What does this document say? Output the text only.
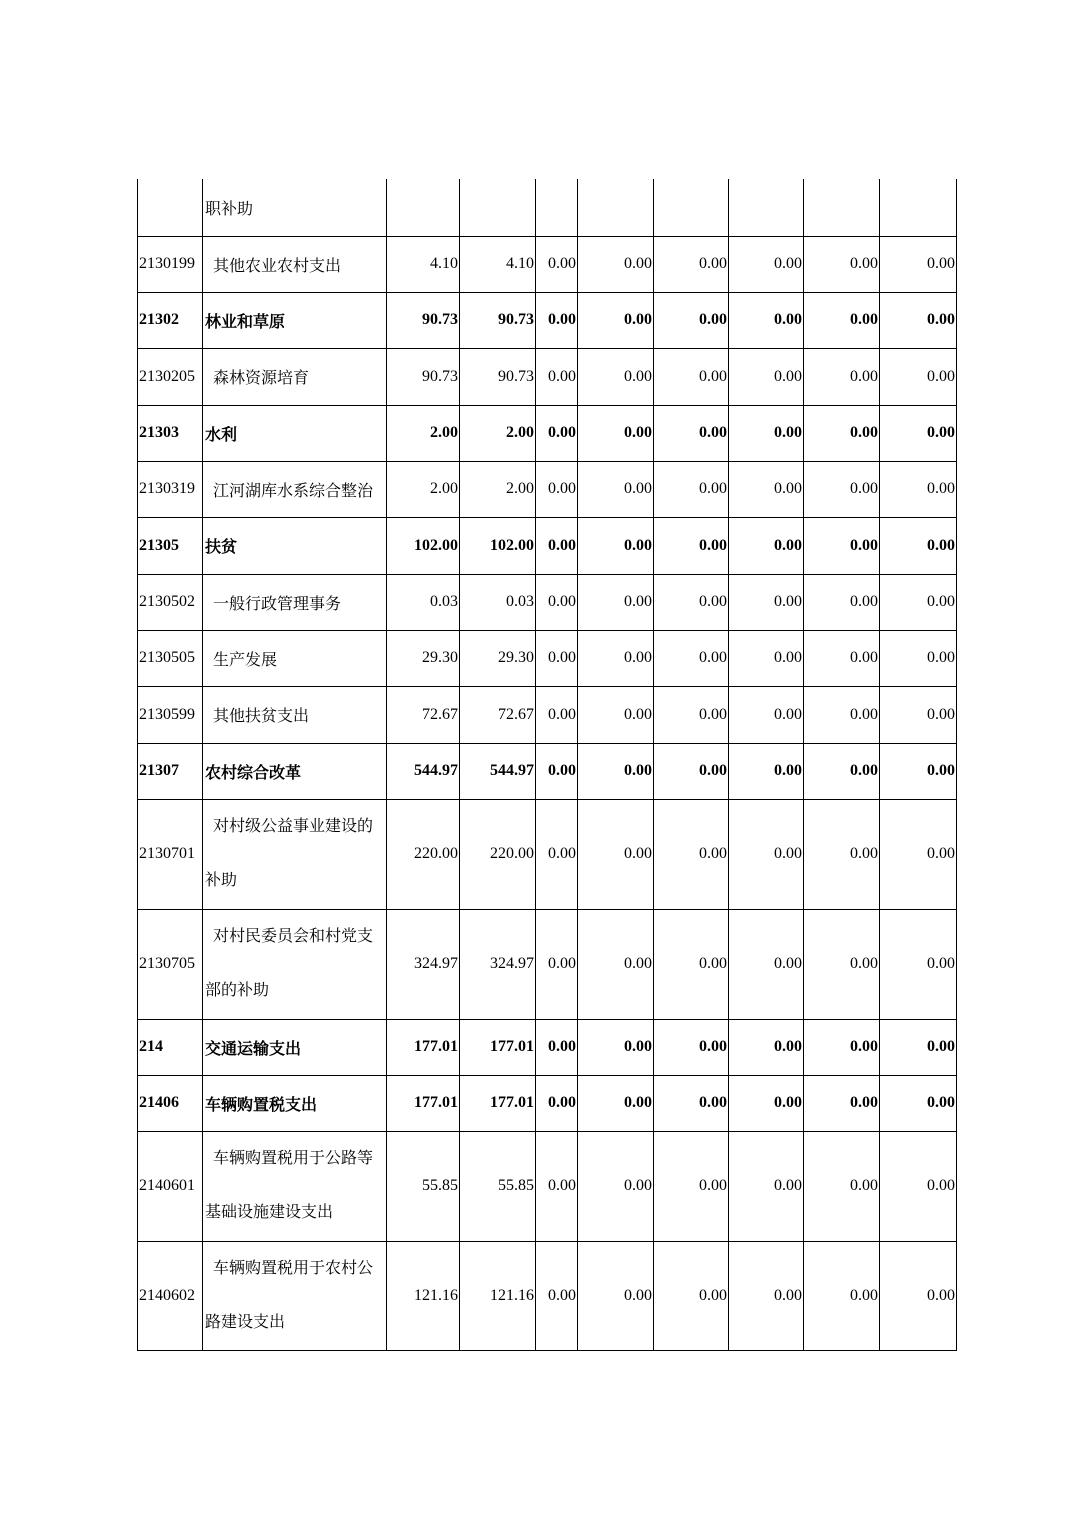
	职补助								
2130199	其他农业农村支出	4.10	4.10	0.00	0.00	0.00	0.00	0.00	0.00
21302	林业和草原	90.73	90.73	0.00	0.00	0.00	0.00	0.00	0.00
2130205	森林资源培育	90.73	90.73	0.00	0.00	0.00	0.00	0.00	0.00
21303	水利	2.00	2.00	0.00	0.00	0.00	0.00	0.00	0.00
2130319	江河湖库水系综合整治	2.00	2.00	0.00	0.00	0.00	0.00	0.00	0.00
21305	扶贫	102.00	102.00	0.00	0.00	0.00	0.00	0.00	0.00
2130502	一般行政管理事务	0.03	0.03	0.00	0.00	0.00	0.00	0.00	0.00
2130505	生产发展	29.30	29.30	0.00	0.00	0.00	0.00	0.00	0.00
2130599	其他扶贫支出	72.67	72.67	0.00	0.00	0.00	0.00	0.00	0.00
21307	农村综合改革	544.97	544.97	0.00	0.00	0.00	0.00	0.00	0.00
2130701	对村级公益事业建设的
补助	220.00	220.00	0.00	0.00	0.00	0.00	0.00	0.00
2130705	对村民委员会和村党支
部的补助	324.97	324.97	0.00	0.00	0.00	0.00	0.00	0.00
214	交通运输支出	177.01	177.01	0.00	0.00	0.00	0.00	0.00	0.00
21406	车辆购置税支出	177.01	177.01	0.00	0.00	0.00	0.00	0.00	0.00
2140601	车辆购置税用于公路等
基础设施建设支出	55.85	55.85	0.00	0.00	0.00	0.00	0.00	0.00
2140602	车辆购置税用于农村公
路建设支出	121.16	121.16	0.00	0.00	0.00	0.00	0.00	0.00
